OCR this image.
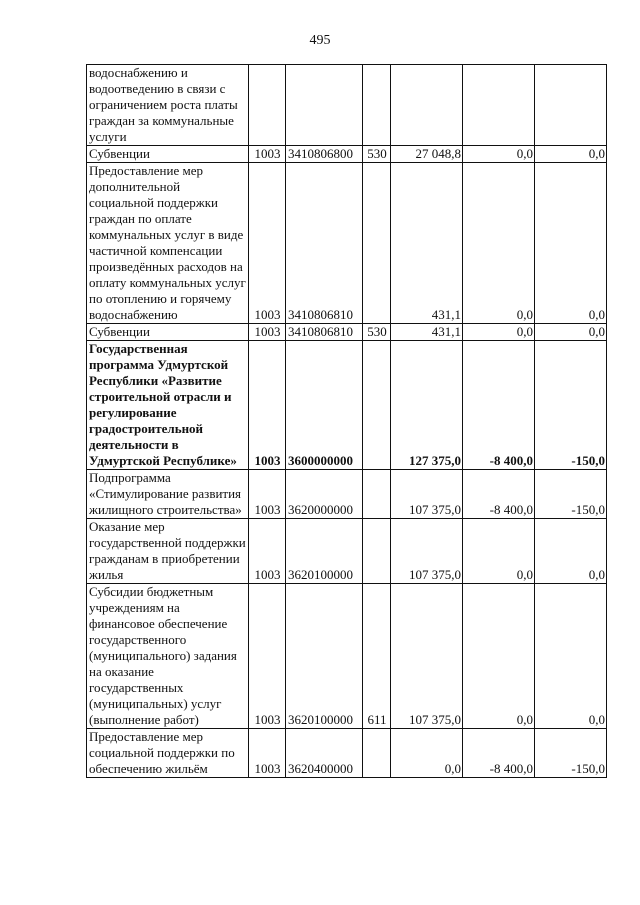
495
водоснабжению и водоотведению в связи с ограничением роста платы граждан за коммунальные услуги						
Субвенции	1003	3410806800	530	27 048,8	0,0	0,0
Предоставление мер дополнительной социальной поддержки граждан по оплате коммунальных услуг в виде частичной компенсации произведённых расходов на оплату коммунальных услуг по отоплению и горячему водоснабжению	1003	3410806810		431,1	0,0	0,0
Субвенции	1003	3410806810	530	431,1	0,0	0,0
Государственная программа Удмуртской Республики «Развитие строительной отрасли и регулирование градостроительной деятельности в Удмуртской Республике»	1003	3600000000		127 375,0	-8 400,0	-150,0
Подпрограмма «Стимулирование развития жилищного строительства»	1003	3620000000		107 375,0	-8 400,0	-150,0
Оказание мер государственной поддержки гражданам в приобретении жилья	1003	3620100000		107 375,0	0,0	0,0
Субсидии бюджетным учреждениям на финансовое обеспечение государственного (муниципального) задания на оказание государственных (муниципальных) услуг (выполнение работ)	1003	3620100000	611	107 375,0	0,0	0,0
Предоставление мер социальной поддержки по обеспечению жильём	1003	3620400000		0,0	-8 400,0	-150,0
